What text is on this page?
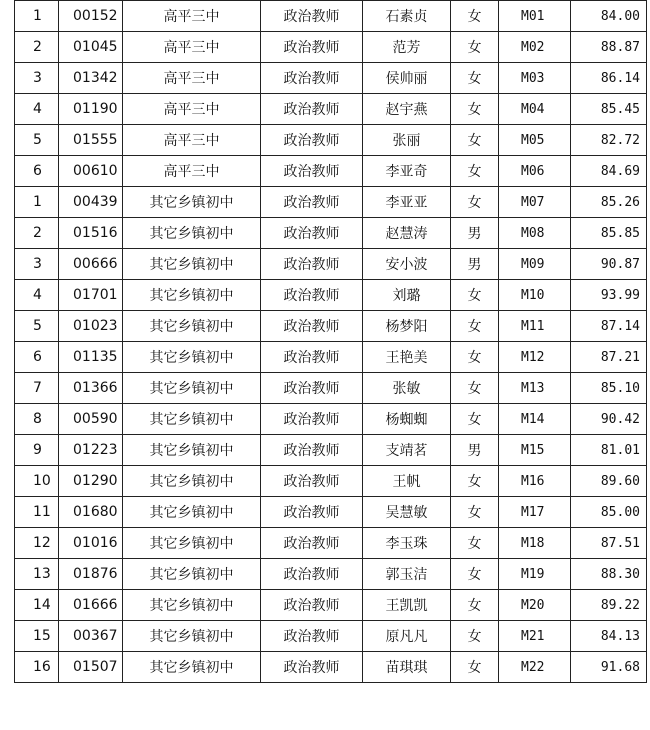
1	00152	高平三中	政治教师	石素贞	女	M01	84.00
2	01045	高平三中	政治教师	范芳	女	M02	88.87
3	01342	高平三中	政治教师	侯帅丽	女	M03	86.14
4	01190	高平三中	政治教师	赵宇燕	女	M04	85.45
5	01555	高平三中	政治教师	张丽	女	M05	82.72
6	00610	高平三中	政治教师	李亚奇	女	M06	84.69
1	00439	其它乡镇初中	政治教师	李亚亚	女	M07	85.26
2	01516	其它乡镇初中	政治教师	赵慧涛	男	M08	85.85
3	00666	其它乡镇初中	政治教师	安小波	男	M09	90.87
4	01701	其它乡镇初中	政治教师	刘璐	女	M10	93.99
5	01023	其它乡镇初中	政治教师	杨梦阳	女	M11	87.14
6	01135	其它乡镇初中	政治教师	王艳美	女	M12	87.21
7	01366	其它乡镇初中	政治教师	张敏	女	M13	85.10
8	00590	其它乡镇初中	政治教师	杨蜘蜘	女	M14	90.42
9	01223	其它乡镇初中	政治教师	支靖茗	男	M15	81.01
10	01290	其它乡镇初中	政治教师	王帆	女	M16	89.60
11	01680	其它乡镇初中	政治教师	吴慧敏	女	M17	85.00
12	01016	其它乡镇初中	政治教师	李玉珠	女	M18	87.51
13	01876	其它乡镇初中	政治教师	郭玉洁	女	M19	88.30
14	01666	其它乡镇初中	政治教师	王凯凯	女	M20	89.22
15	00367	其它乡镇初中	政治教师	原凡凡	女	M21	84.13
16	01507	其它乡镇初中	政治教师	苗琪琪	女	M22	91.68
